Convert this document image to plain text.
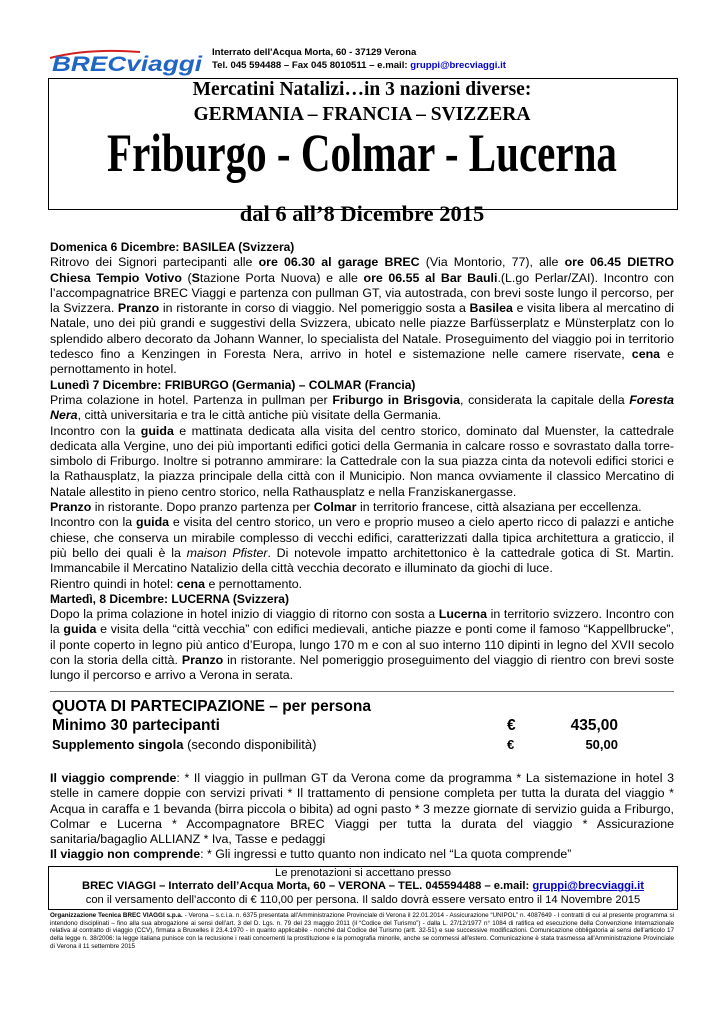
BRECviaggi
Interrato dell'Acqua Morta, 60 - 37129 Verona
Tel. 045 594488 – Fax 045 8010511 – e.mail: gruppi@brecviaggi.it
Mercatini Natalizi…in 3 nazioni diverse:
GERMANIA – FRANCIA – SVIZZERA
Friburgo - Colmar - Lucerna
dal 6 all’8 Dicembre 2015
Domenica 6 Dicembre: BASILEA (Svizzera)

Ritrovo dei Signori partecipanti alle ore 06.30 al garage BREC (Via Montorio, 77), alle ore 06.45 DIETRO Chiesa Tempio Votivo (Stazione Porta Nuova) e alle ore 06.55 al Bar Bauli.(L.go Perlar/ZAI). Incontro con l’accompagnatrice BREC Viaggi e partenza con pullman GT, via autostrada, con brevi soste lungo il percorso, per la Svizzera. Pranzo in ristorante in corso di viaggio. Nel pomeriggio sosta a Basilea e visita libera al mercatino di Natale, uno dei più grandi e suggestivi della Svizzera, ubicato nelle piazze Barfüsserplatz e Münsterplatz con lo splendido albero decorato da Johann Wanner, lo specialista del Natale. Proseguimento del viaggio poi in territorio tedesco fino a Kenzingen in Foresta Nera, arrivo in hotel e sistemazione nelle camere riservate, cena e pernottamento in hotel.

Lunedì 7 Dicembre: FRIBURGO (Germania) – COLMAR (Francia)

Prima colazione in hotel. Partenza in pullman per Friburgo in Brisgovia, considerata la capitale della Foresta Nera, città universitaria e tra le città antiche più visitate della Germania.

Incontro con la guida e mattinata dedicata alla visita del centro storico, dominato dal Muenster, la cattedrale dedicata alla Vergine, uno dei più importanti edifici gotici della Germania in calcare rosso e sovrastato dalla torre-simbolo di Friburgo. Inoltre si potranno ammirare: la Cattedrale con la sua piazza cinta da notevoli edifici storici e la Rathausplatz, la piazza principale della città con il Municipio. Non manca ovviamente il classico Mercatino di Natale allestito in pieno centro storico, nella Rathausplatz e nella Franziskanergasse.

Pranzo in ristorante. Dopo pranzo partenza per Colmar in territorio francese, città alsaziana per eccellenza.

Incontro con la guida e visita del centro storico, un vero e proprio museo a cielo aperto ricco di palazzi e antiche chiese, che conserva un mirabile complesso di vecchi edifici, caratterizzati dalla tipica architettura a graticcio, il più bello dei quali è la maison Pfister. Di notevole impatto architettonico è la cattedrale gotica di St. Martin. Immancabile il Mercatino Natalizio della città vecchia decorato e illuminato da giochi di luce.

Rientro quindi in hotel: cena e pernottamento.

Martedì, 8 Dicembre: LUCERNA (Svizzera)

Dopo la prima colazione in hotel inizio di viaggio di ritorno con sosta a Lucerna in territorio svizzero. Incontro con la guida e visita della “città vecchia” con edifici medievali, antiche piazze e ponti come il famoso “Kappellbrucke”, il ponte coperto in legno più antico d’Europa, lungo 170 m e con al suo interno 110 dipinti in legno del XVII secolo con la storia della città. Pranzo in ristorante. Nel pomeriggio proseguimento del viaggio di rientro con brevi soste lungo il percorso e arrivo a Verona in serata.

QUOTA DI PARTECIPAZIONE – per persona
Minimo 30 partecipanti	€	435,00
Supplemento singola (secondo disponibilità)	€	50,00

Il viaggio comprende: * Il viaggio in pullman GT da Verona come da programma * La sistemazione in hotel 3 stelle in camere doppie con servizi privati * Il trattamento di pensione completa per tutta la durata del viaggio * Acqua in caraffa e 1 bevanda (birra piccola o bibita) ad ogni pasto * 3 mezze giornate di servizio guida a Friburgo, Colmar e Lucerna * Accompagnatore BREC Viaggi per tutta la durata del viaggio * Assicurazione sanitaria/bagaglio ALLIANZ * Iva, Tasse e pedaggi

Il viaggio non comprende: * Gli ingressi e tutto quanto non indicato nel “La quota comprende”

Le prenotazioni si accettano presso
BREC VIAGGI – Interrato dell’Acqua Morta, 60 – VERONA – TEL. 045594488 – e.mail: gruppi@brecviaggi.it
con il versamento dell’acconto di € 110,00 per persona. Il saldo dovrà essere versato entro il 14 Novembre 2015
Organizzazione Tecnica BREC VIAGGI s.p.a. - Verona – s.c.i.a. n. 6375 presentata all'Amministrazione Provinciale di Verona il 22.01.2014 - Assicurazione “UNIPOL” n. 4087649 - I contratti di cui al presente programma si intendono disciplinati – fino alla sua abrogazione ai sensi dell’art. 3 del D. Lgs. n. 79 del 23 maggio 2011 (il “Codice del Turismo”) - dalla L. 27/12/1977 n° 1084 di ratifica ed esecuzione della Convenzione Internazionale relativa al contratto di viaggio (CCV), firmata a Bruxelles il 23.4.1970 - in quanto applicabile - nonché dal Codice del Turismo (artt. 32-51) e sue successive modificazioni. Comunicazione obbligatoria ai sensi dell’articolo 17 della legge n. 38/2006: la legge italiana punisce con la reclusione i reati concernenti la prostituzione e la pornografia minorile, anche se commessi all'estero. Comunicazione è stata trasmessa all'Amministrazione Provinciale di Verona il 11 settembre 2015
